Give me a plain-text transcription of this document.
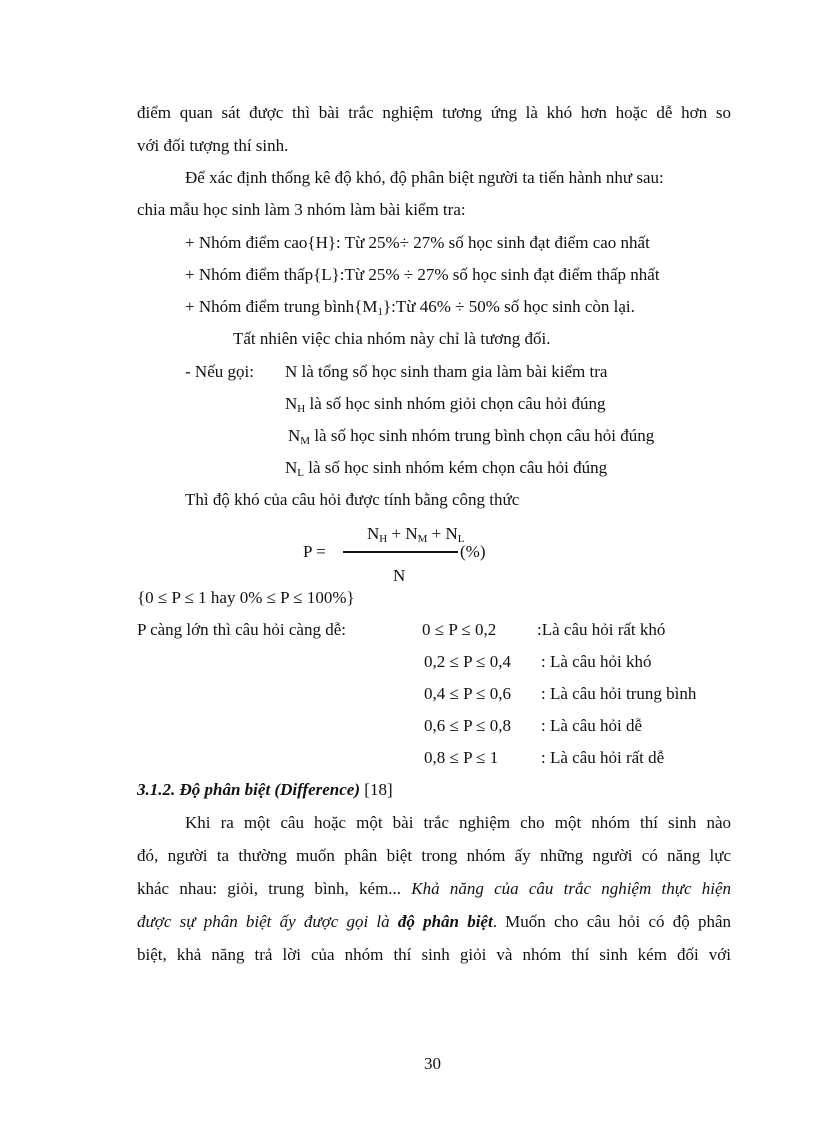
điểm quan sát được thì bài trắc nghiệm tương ứng là khó hơn hoặc dễ hơn so
với đối tượng thí sinh.
Để xác định thống kê độ khó, độ phân biệt người ta tiến hành như sau:
chia mẫu học sinh làm 3 nhóm làm bài kiểm tra:
+ Nhóm điểm cao{H}: Từ 25%÷ 27% số học sinh đạt điểm cao nhất
+ Nhóm điểm thấp{L}:Từ 25% ÷ 27% số học sinh đạt điểm thấp nhất
+ Nhóm điểm trung $bình\{M_1\}:Từ$ 46% ÷ 50% số học sinh còn lại.
Tất nhiên việc chia nhóm này chỉ là tương đối.
- Nếu gọi: N là tổng số học sinh tham gia làm bài kiểm tra
$N_H$ là số học sinh nhóm giỏi chọn câu hỏi đúng
$N_M$ là số học sinh nhóm trung bình chọn câu hỏi đúng
$N_L$ là số học sinh nhóm kém chọn câu hỏi đúng
Thì độ khó của câu hỏi được tính bằng công thức
$N_H + N_M + N_L$
P =	(%)
N
{0 ≤ P ≤ 1 hay 0% ≤ P ≤ 100%}
P càng lớn thì câu hỏi càng dễ:	0 ≤ P ≤ 0,2 :Là câu hỏi rất khó
0,2 ≤ P ≤ 0,4 : Là câu hỏi khó
0,4 ≤ P ≤ 0,6 : Là câu hỏi trung bình
0,6 ≤ P ≤ 0,8 : Là câu hỏi dễ
0,8 ≤ P ≤ 1	: Là câu hỏi rất dễ
3.1.2. Độ phân biệt (Difference) [18]
Khi ra một câu hoặc một bài trắc nghiệm cho một nhóm thí sinh nào
đó, người ta thường muốn phân biệt trong nhóm ấy những người có năng lực
khác nhau: giỏi, trung bình, kém... Khả năng của câu trắc nghiệm thực hiện
được sự phân biệt ấy được gọi là độ phân biệt. Muốn cho câu hỏi có độ phân
biệt, khả năng trả lời của nhóm thí sinh giỏi và nhóm thí sinh kém đối với
30
